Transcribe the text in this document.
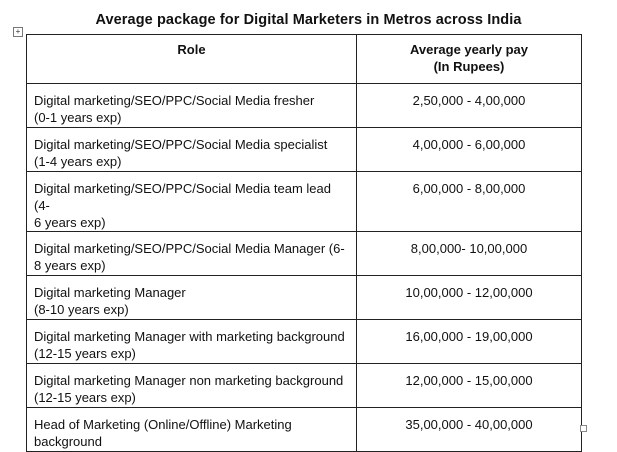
Average package for Digital Marketers in Metros across India
+
Role	Average yearly pay
(In Rupees)
Digital marketing/SEO/PPC/Social Media fresher
(0-1 years exp)	2,50,000 - 4,00,000
Digital marketing/SEO/PPC/Social Media specialist
(1-4 years exp)	4,00,000 - 6,00,000
Digital marketing/SEO/PPC/Social Media team lead (4-
6 years exp)	6,00,000 - 8,00,000
Digital marketing/SEO/PPC/Social Media Manager (6-
8 years exp)	8,00,000- 10,00,000
Digital marketing Manager
(8-10 years exp)	10,00,000 - 12,00,000
Digital marketing Manager with marketing background
(12-15 years exp)	16,00,000 - 19,00,000
Digital marketing Manager non marketing background
(12-15 years exp)	12,00,000 - 15,00,000
Head of Marketing (Online/Offline) Marketing
background	35,00,000 - 40,00,000
